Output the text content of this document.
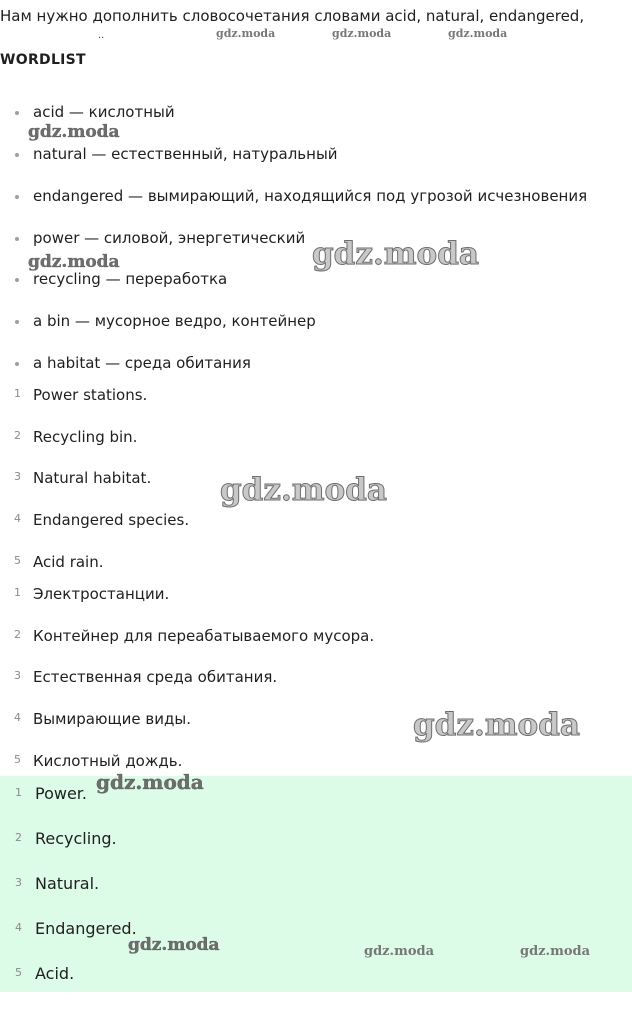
Нам нужно дополнить словосочетания словами acid, natural, endangered,
..
WORDLIST
acid — кислотный
natural — естественный, натуральный
endangered — вымирающий, находящийся под угрозой исчезновения
power — силовой, энергетический
recycling — переработка
a bin — мусорное ведро, контейнер
a habitat — среда обитания
1 Power stations.
2 Recycling bin.
3 Natural habitat.
4 Endangered species.
5 Acid rain.
1 Электростанции.
2 Контейнер для переабатываемого мусора.
3 Естественная среда обитания.
4 Вымирающие виды.
5 Кислотный дождь.
1 Power.
2 Recycling.
3 Natural.
4 Endangered.
5 Acid.
gdz.moda	gdz.moda	gdz.moda
gdz.moda
gdz.moda	gdz.moda
gdz.moda
gdz.moda
gdz.moda
gdz.moda	gdz.moda	gdz.moda
